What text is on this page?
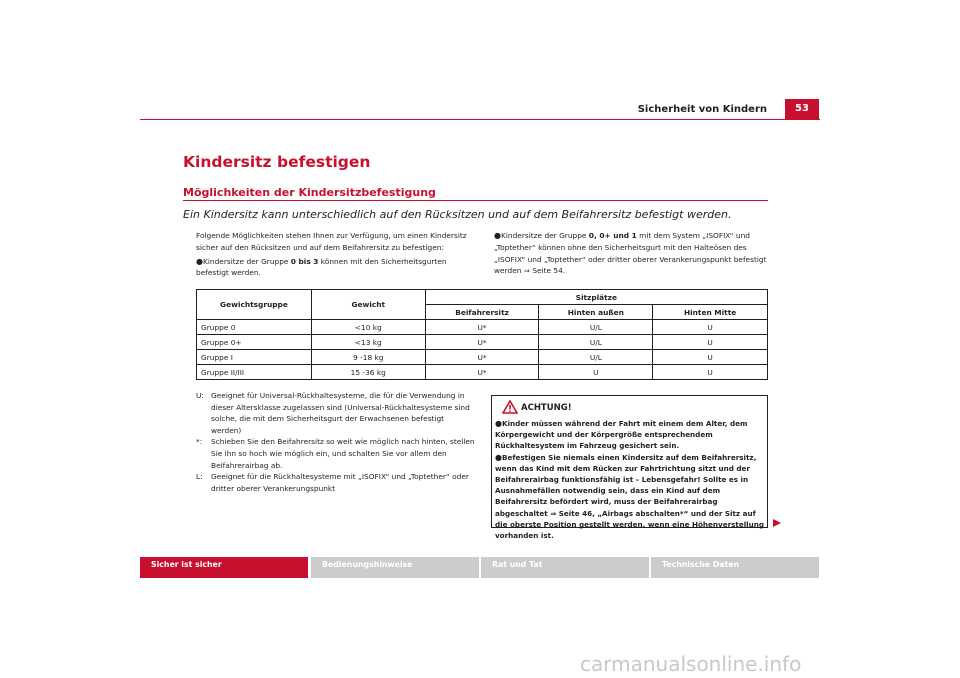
Sicherheit von Kindern	53
Kindersitz befestigen
Möglichkeiten der Kindersitzbefestigung
Ein Kindersitz kann unterschiedlich auf den Rücksitzen und auf dem Beifahrersitz befestigt werden.

Folgende Möglichkeiten stehen Ihnen zur Verfügung, um einen Kindersitz sicher auf den Rücksitzen und auf dem Beifahrersitz zu befestigen:

●Kindersitze der Gruppe 0 bis 3 können mit den Sicherheitsgurten befestigt werden.

●Kindersitze der Gruppe 0, 0+ und 1 mit dem System „ISOFIX“ und „Toptether“ können ohne den Sicherheitsgurt mit den Halteösen des „ISOFIX“ und „Toptether“ oder dritter oberer Verankerungspunkt befestigt werden ⇒ Seite 54.

Gewichtsgruppe	Gewicht	Sitzplätze		
		Beifahrersitz	Hinten außen	Hinten Mitte
Gruppe 0	<10 kg	U*	U/L	U
Gruppe 0+	<13 kg	U*	U/L	U
Gruppe I	9 -18 kg	U*	U/L	U
Gruppe II/III	15 -36 kg	U*	U	U
U: Geeignet für Universal-Rückhaltesysteme, die für die Verwendung in dieser Altersklasse zugelassen sind (Universal-Rückhaltesysteme sind solche, die mit dem Sicherheitsgurt der Erwachsenen befestigt werden)
*:	Schieben Sie den Beifahrersitz so weit wie möglich nach hinten, stellen Sie ihn so hoch wie möglich ein, und schalten Sie vor allem den Beifahrerairbag ab.
L:	Geeignet für die Rückhaltesysteme mit „ISOFIX“ und „Toptether“ oder dritter oberer Verankerungspunkt
ACHTUNG!

●Kinder müssen während der Fahrt mit einem dem Alter, dem Körpergewicht und der Körpergröße entsprechendem Rückhaltesystem im Fahrzeug gesichert sein.

●Befestigen Sie niemals einen Kindersitz auf dem Beifahrersitz, wenn das Kind mit dem Rücken zur Fahrtrichtung sitzt und der Beifahrerairbag funktionsfähig ist – Lebensgefahr! Sollte es in Ausnahmefällen notwendig sein, dass ein Kind auf dem Beifahrersitz befördert wird, muss der Beifahrerairbag abgeschaltet ⇒ Seite 46, „Airbags abschalten*“ und der Sitz auf die oberste Position gestellt werden, wenn eine Höhenverstellung vorhanden ist.

Sicher ist sicher	Bedienungshinweise	Rat und Tat	Technische Daten
carmanualsonline.info
